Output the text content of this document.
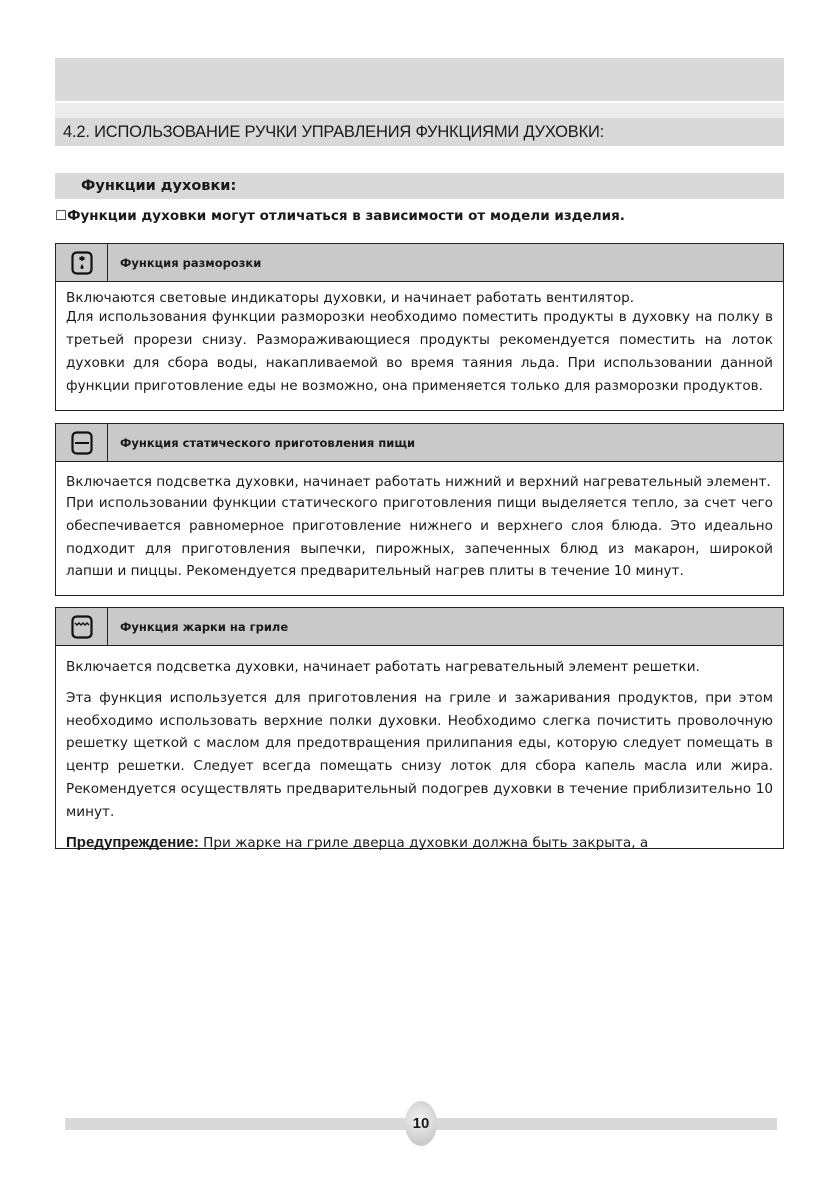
4.2. ИСПОЛЬЗОВАНИЕ РУЧКИ УПРАВЛЕНИЯ ФУНКЦИЯМИ ДУХОВКИ:
Функции духовки:
☐Функции духовки могут отличаться в зависимости от модели изделия.
Функция разморозки

Включаются световые индикаторы духовки, и начинает работать вентилятор.

Для использования функции разморозки необходимо поместить продукты в духовку на полку в третьей прорези снизу. Размораживающиеся продукты рекомендуется поместить на лоток духовки для сбора воды, накапливаемой во время таяния льда. При использовании данной функции приготовление еды не возможно, она применяется только для разморозки продуктов.

Функция статического приготовления пищи

Включается подсветка духовки, начинает работать нижний и верхний нагревательный элемент.

При использовании функции статического приготовления пищи выделяется тепло, за счет чего обеспечивается равномерное приготовление нижнего и верхнего слоя блюда. Это идеально подходит для приготовления выпечки, пирожных, запеченных блюд из макарон, широкой лапши и пиццы. Рекомендуется предварительный нагрев плиты в течение 10 минут.

Функция жарки на гриле

Включается подсветка духовки, начинает работать нагревательный элемент решетки.

Эта функция используется для приготовления на гриле и зажаривания продуктов, при этом необходимо использовать верхние полки духовки. Необходимо слегка почистить проволочную решетку щеткой с маслом для предотвращения прилипания еды, которую следует помещать в центр решетки. Следует всегда помещать снизу лоток для сбора капель масла или жира. Рекомендуется осуществлять предварительный подогрев духовки в течение приблизительно 10 минут.

Предупреждение: При жарке на гриле дверца духовки должна быть закрыта, а

10
